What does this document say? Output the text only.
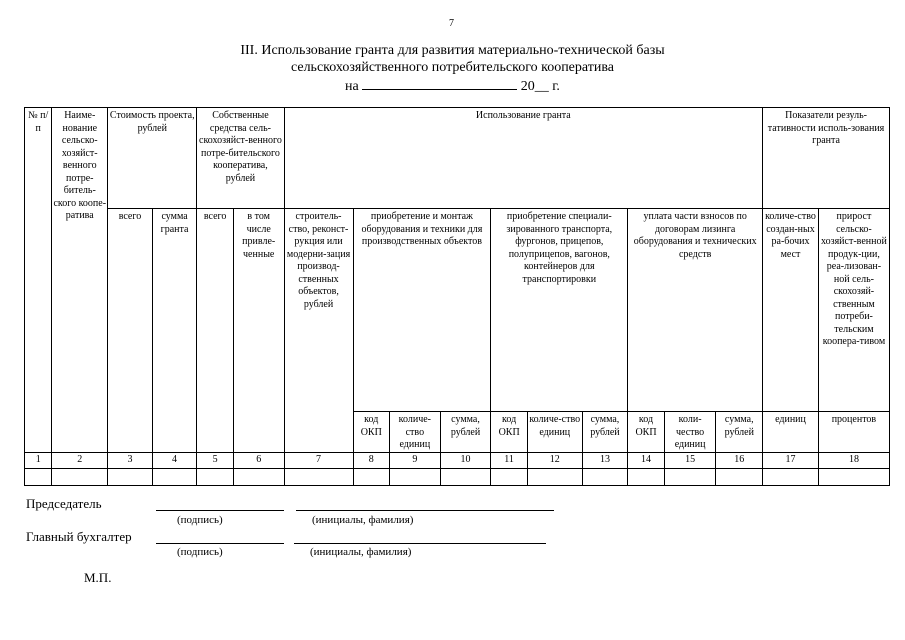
7
III. Использование гранта для развития материально-технической базы
сельскохозяйственного потребительского кооператива
на	20__ г.
№ п/п	Наиме-нование сельско-хозяйст-венного потре-битель-ского коопе-ратива	Стоимость проекта, рублей		Собственные средства сель-скохозяйст-венного потре-бительского кооператива, рублей		Использование гранта										Показатели резуль-тативности исполь-зования гранта	
		всего	сумма гранта	всего	в том числе привле-ченные	строитель-ство, реконст-рукция или модерни-зация производ-ственных объектов, рублей	приобретение и монтаж оборудования и техники для производственных объектов			приобретение специали-зированного транспорта, фургонов, прицепов, полуприцепов, вагонов, контейнеров для транспортировки			уплата части взносов по договорам лизинга оборудования и технических средств			количе-ство создан-ных ра-бочих мест	прирост сельско-хозяйст-венной продук-ции, реа-лизован-ной сель-скохозяй-ственным потреби-тельским коопера-тивом
							код ОКП	количе-ство единиц	сумма, рублей	код ОКП	количе-ство единиц	сумма, рублей	код ОКП	коли-чество единиц	сумма, рублей	единиц	процентов
1	2	3	4	5	6	7	8	9	10	11	12	13	14	15	16	17	18

Председатель
(подпись)	(инициалы, фамилия)
Главный бухгалтер
(подпись)	(инициалы, фамилия)
М.П.
